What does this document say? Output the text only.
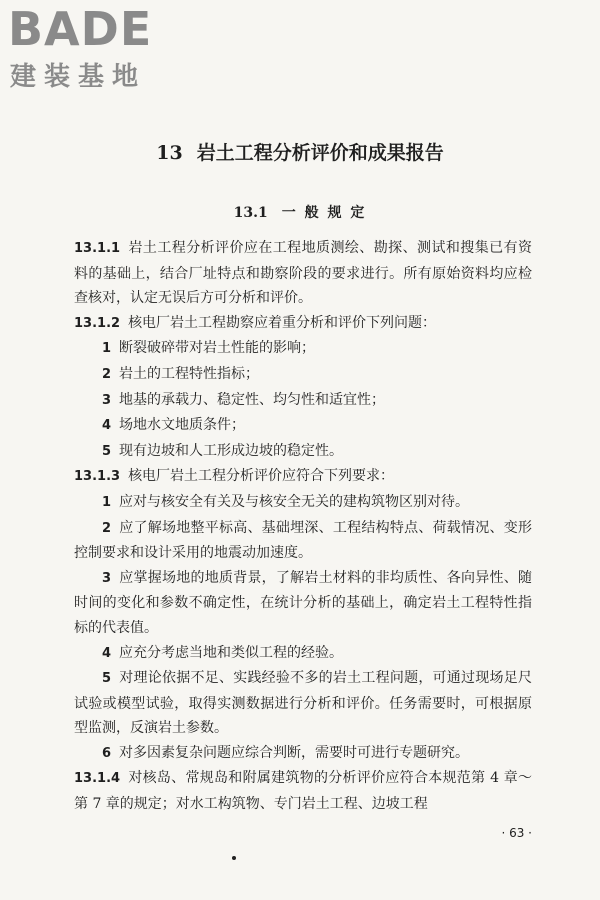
BADE
建装基地
13 岩土工程分析评价和成果报告
13.1 一 般 规 定

13.1.1 岩土工程分析评价应在工程地质测绘、勘探、测试和搜集已有资料的基础上，结合厂址特点和勘察阶段的要求进行。所有原始资料均应检查核对，认定无误后方可分析和评价。

13.1.2 核电厂岩土工程勘察应着重分析和评价下列问题：

1 断裂破碎带对岩土性能的影响；

2 岩土的工程特性指标；

3 地基的承载力、稳定性、均匀性和适宜性；

4 场地水文地质条件；

5 现有边坡和人工形成边坡的稳定性。

13.1.3 核电厂岩土工程分析评价应符合下列要求：

1 应对与核安全有关及与核安全无关的建构筑物区别对待。

2 应了解场地整平标高、基础埋深、工程结构特点、荷载情况、变形控制要求和设计采用的地震动加速度。

3 应掌握场地的地质背景，了解岩土材料的非均质性、各向异性、随时间的变化和参数不确定性，在统计分析的基础上，确定岩土工程特性指标的代表值。

4 应充分考虑当地和类似工程的经验。

5 对理论依据不足、实践经验不多的岩土工程问题，可通过现场足尺试验或模型试验，取得实测数据进行分析和评价。任务需要时，可根据原型监测，反演岩土参数。

6 对多因素复杂问题应综合判断，需要时可进行专题研究。

13.1.4 对核岛、常规岛和附属建筑物的分析评价应符合本规范第 4 章～第 7 章的规定；对水工构筑物、专门岩土工程、边坡工程

· 63 ·
